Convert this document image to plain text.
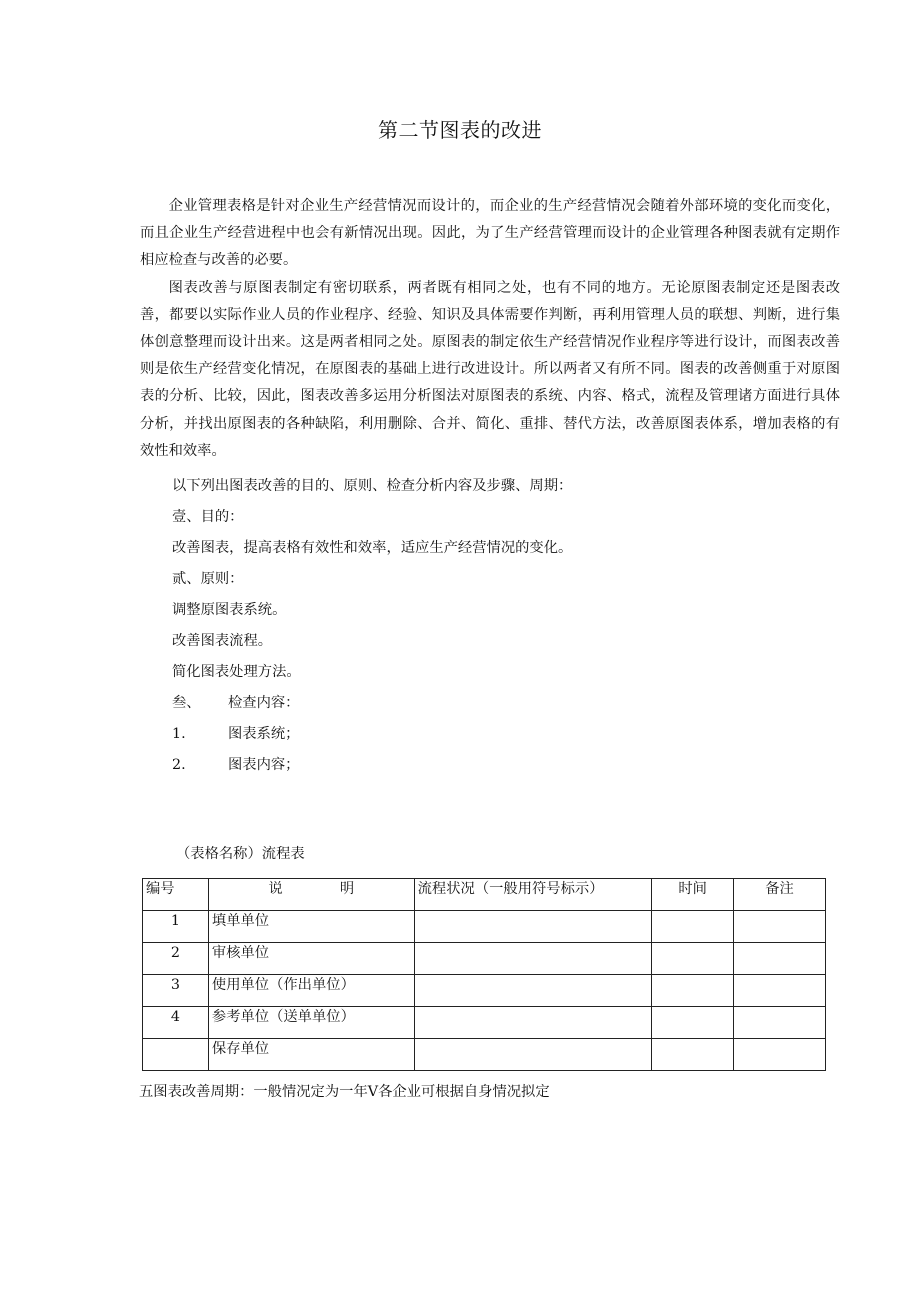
第二节图表的改进

企业管理表格是针对企业生产经营情况而设计的，而企业的生产经营情况会随着外部环境的变化而变化，而且企业生产经营进程中也会有新情况出现。因此，为了生产经营管理而设计的企业管理各种图表就有定期作相应检查与改善的必要。

图表改善与原图表制定有密切联系，两者既有相同之处，也有不同的地方。无论原图表制定还是图表改善，都要以实际作业人员的作业程序、经验、知识及具体需要作判断，再利用管理人员的联想、判断，进行集体创意整理而设计出来。这是两者相同之处。原图表的制定依生产经营情况作业程序等进行设计，而图表改善则是依生产经营变化情况，在原图表的基础上进行改进设计。所以两者又有所不同。图表的改善侧重于对原图表的分析、比较，因此，图表改善多运用分析图法对原图表的系统、内容、格式，流程及管理诸方面进行具体分析，并找出原图表的各种缺陷，利用删除、合并、简化、重排、替代方法，改善原图表体系，增加表格的有效性和效率。

以下列出图表改善的目的、原则、检查分析内容及步骤、周期：

壹、目的：

改善图表，提高表格有效性和效率，适应生产经营情况的变化。

贰、原则：

调整原图表系统。

改善图表流程。

简化图表处理方法。

叁、 检查内容：

1.	图表系统；

2.	图表内容；

（表格名称）流程表
编号	说　　　　明	流程状况（一般用符号标示）	时间	备注
1	填单单位			
2	审核单位			
3	使用单位（作出单位）			
4	参考单位（送单单位）			
	保存单位			
五图表改善周期：一般情况定为一年V各企业可根据自身情况拟定
